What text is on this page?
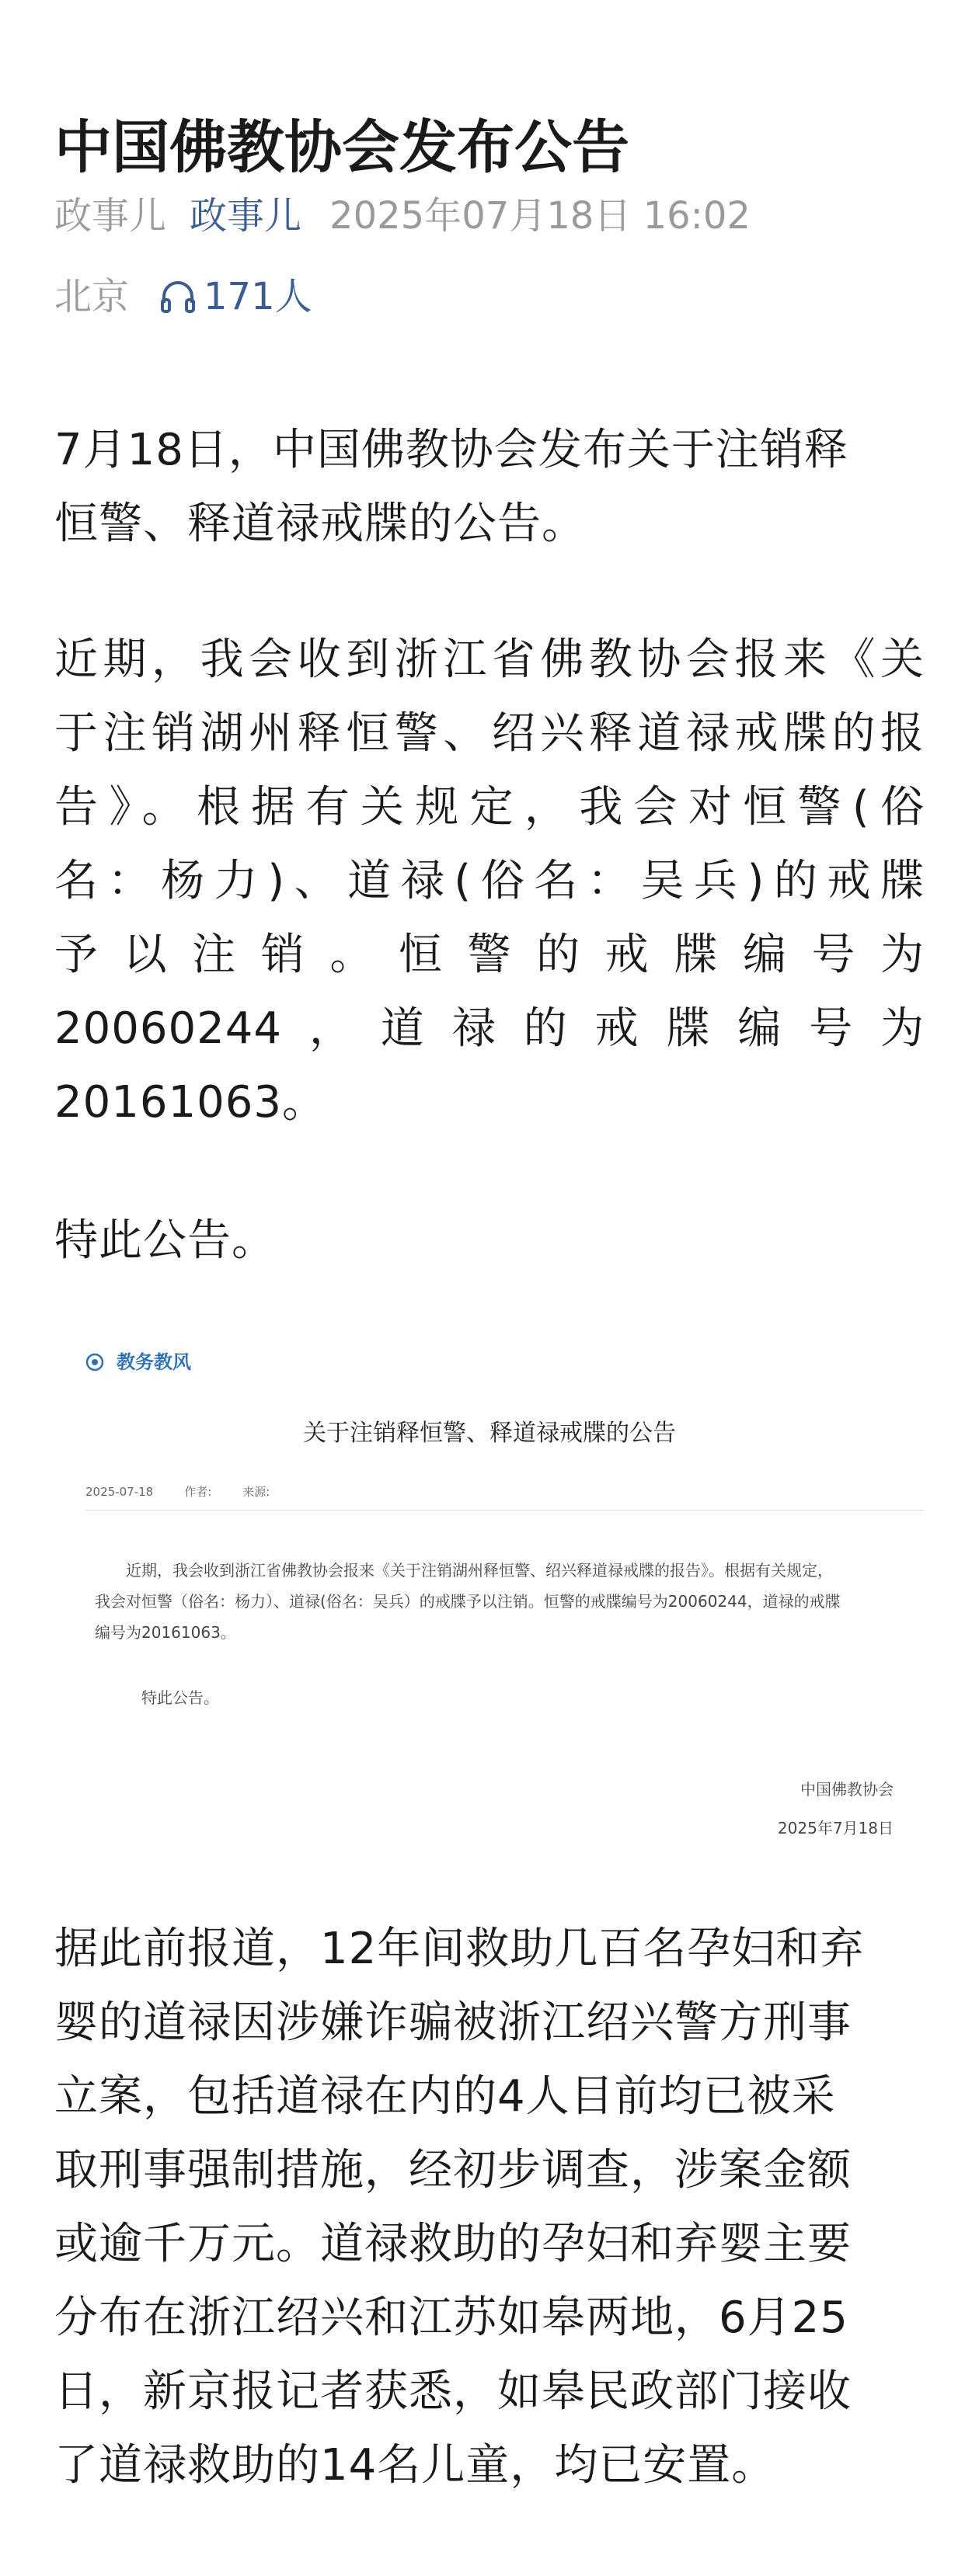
中国佛教协会发布公告
政事儿 政事儿 2025年07月18日 16:02
北京 171人
7月18日，中国佛教协会发布关于注销释
恒警、释道禄戒牒的公告。
近期，我会收到浙江省佛教协会报来《关
于注销湖州释恒警、绍兴释道禄戒牒的报
告》。根据有关规定，我会对恒警(俗
名：杨力)、道禄(俗名：吴兵)的戒牒
予以注销。恒警的戒牒编号为
20060244，道禄的戒牒编号为
20161063。
特此公告。
教务教风
关于注销释恒警、释道禄戒牒的公告
2025-07-18	作者:	来源:
近期，我会收到浙江省佛教协会报来《关于注销湖州释恒警、绍兴释道禄戒牒的报告》。根据有关规定，
我会对恒警（俗名：杨力）、道禄(俗名：吴兵）的戒牒予以注销。恒警的戒牒编号为20060244，道禄的戒牒
编号为20161063。
特此公告。
中国佛教协会
2025年7月18日
据此前报道，12年间救助几百名孕妇和弃
婴的道禄因涉嫌诈骗被浙江绍兴警方刑事
立案，包括道禄在内的4人目前均已被采
取刑事强制措施，经初步调查，涉案金额
或逾千万元。道禄救助的孕妇和弃婴主要
分布在浙江绍兴和江苏如皋两地，6月25
日，新京报记者获悉，如皋民政部门接收
了道禄救助的14名儿童，均已安置。
